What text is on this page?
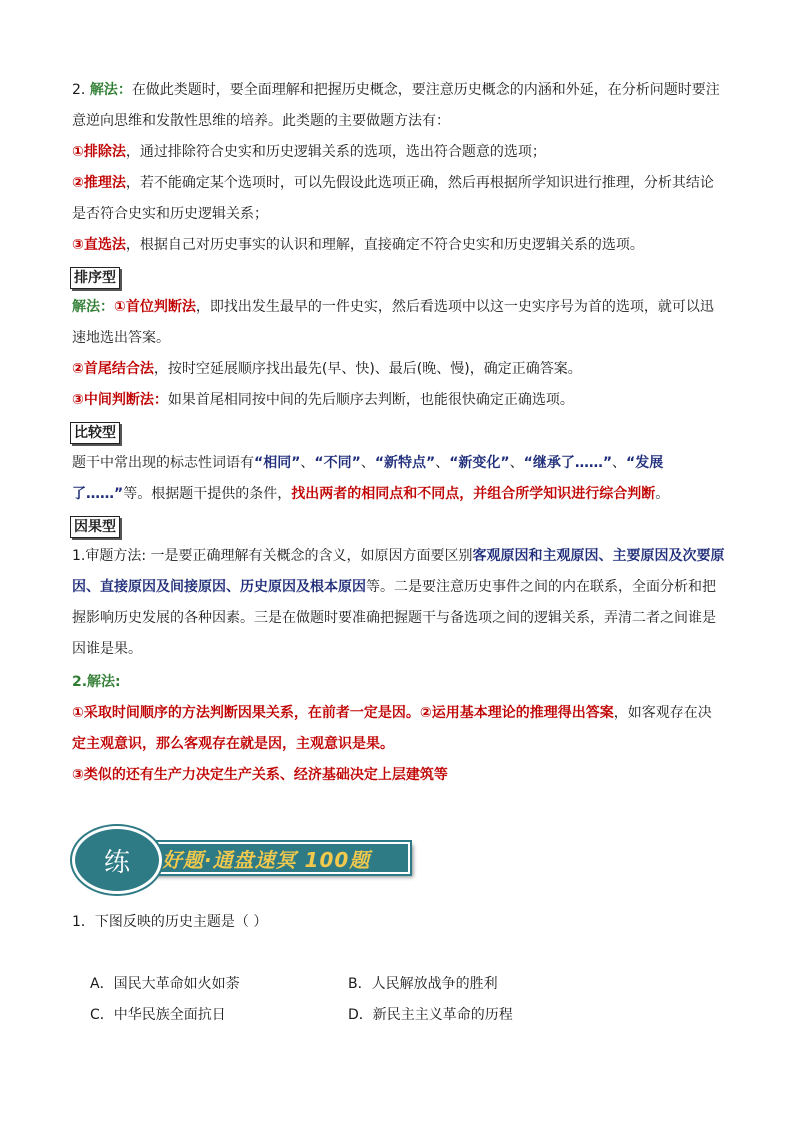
2. 解法：在做此类题时，要全面理解和把握历史概念，要注意历史概念的内涵和外延，在分析问题时要注
意逆向思维和发散性思维的培养。此类题的主要做题方法有：
①排除法，通过排除符合史实和历史逻辑关系的选项，选出符合题意的选项；
②推理法，若不能确定某个选项时，可以先假设此选项正确，然后再根据所学知识进行推理，分析其结论
是否符合史实和历史逻辑关系；
③直选法，根据自己对历史事实的认识和理解，直接确定不符合史实和历史逻辑关系的选项。
排序型
解法：①首位判断法，即找出发生最早的一件史实，然后看选项中以这一史实序号为首的选项，就可以迅
速地选出答案。
②首尾结合法，按时空延展顺序找出最先(早、快)、最后(晚、慢)，确定正确答案。
③中间判断法：如果首尾相同按中间的先后顺序去判断，也能很快确定正确选项。
比较型
题干中常出现的标志性词语有“相同”、“不同”、“新特点”、“新变化”、“继承了……”、“发展
了……”等。根据题干提供的条件，找出两者的相同点和不同点，并组合所学知识进行综合判断。
因果型
1.审题方法: 一是要正确理解有关概念的含义，如原因方面要区别客观原因和主观原因、主要原因及次要原
因、直接原因及间接原因、历史原因及根本原因等。二是要注意历史事件之间的内在联系，全面分析和把
握影响历史发展的各种因素。三是在做题时要准确把握题干与备选项之间的逻辑关系，弄清二者之间谁是
因谁是果。
2.解法:
①采取时间顺序的方法判断因果关系，在前者一定是因。②运用基本理论的推理得出答案，如客观存在决
定主观意识，那么客观存在就是因，主观意识是果。
③类似的还有生产力决定生产关系、经济基础决定上层建筑等
练	好题·通盘速冥 100题
1．下图反映的历史主题是（ ）
A．国民大革命如火如荼	B．人民解放战争的胜利
C．中华民族全面抗日	D．新民主主义革命的历程
